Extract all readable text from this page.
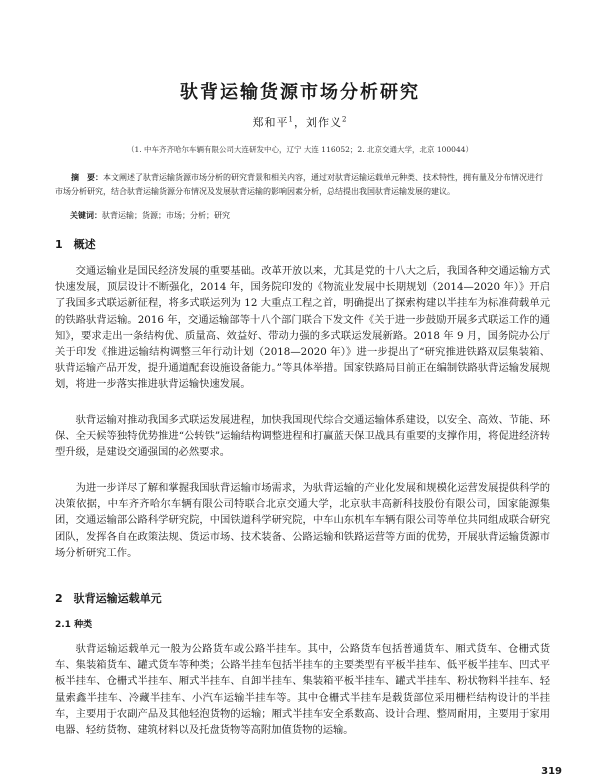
驮背运输货源市场分析研究
郑和平$^1$，刘作义$^2$
（1. 中车齐齐哈尔车辆有限公司大连研发中心，辽宁 大连 116052；2. 北京交通大学，北京 100044）

摘　要：本文阐述了驮背运输货源市场分析的研究背景和相关内容，通过对驮背运输运载单元种类、技术特性，拥有量及分布情况进行市场分析研究，结合驮背运输货源分布情况及发展驮背运输的影响因素分析，总结提出我国驮背运输发展的建议。

关键词：驮背运输；货源；市场；分析；研究

1　概述

交通运输业是国民经济发展的重要基础。改革开放以来，尤其是党的十八大之后，我国各种交通运输方式快速发展，顶层设计不断强化，2014 年，国务院印发的《物流业发展中长期规划（2014—2020 年）》开启了我国多式联运新征程，将多式联运列为 12 大重点工程之首，明确提出了探索构建以半挂车为标准荷载单元的铁路驮背运输。2016 年，交通运输部等十八个部门联合下发文件《关于进一步鼓励开展多式联运工作的通知》，要求走出一条结构优、质量高、效益好、带动力强的多式联运发展新路。2018 年 9 月，国务院办公厅关于印发《推进运输结构调整三年行动计划（2018—2020 年）》进一步提出了“研究推进铁路双层集装箱、驮背运输产品开发，提升通道配套设施设备能力。”等具体举措。国家铁路局目前正在编制铁路驮背运输发展规划，将进一步落实推进驮背运输快速发展。

驮背运输对推动我国多式联运发展进程，加快我国现代综合交通运输体系建设，以安全、高效、节能、环保、全天候等独特优势推进“公转铁”运输结构调整进程和打赢蓝天保卫战具有重要的支撑作用，将促进经济转型升级，是建设交通强国的必然要求。

为进一步详尽了解和掌握我国驮背运输市场需求，为驮背运输的产业化发展和规模化运营发展提供科学的决策依据，中车齐齐哈尔车辆有限公司特联合北京交通大学，北京驮丰高新科技股份有限公司，国家能源集团，交通运输部公路科学研究院，中国铁道科学研究院，中车山东机车车辆有限公司等单位共同组成联合研究团队，发挥各自在政策法规、货运市场、技术装备、公路运输和铁路运营等方面的优势，开展驮背运输货源市场分析研究工作。

2　驮背运输运载单元
2.1 种类

驮背运输运载单元一般为公路货车或公路半挂车。其中，公路货车包括普通货车、厢式货车、仓栅式货车、集装箱货车、罐式货车等种类；公路半挂车包括半挂车的主要类型有平板半挂车、低平板半挂车、凹式平板半挂车、仓栅式半挂车、厢式半挂车、自卸半挂车、集装箱平板半挂车、罐式半挂车、粉状物料半挂车、轻量索鑫半挂车、冷藏半挂车、小汽车运输半挂车等。其中仓栅式半挂车是载货部位采用栅栏结构设计的半挂车，主要用于农副产品及其他轻泡货物的运输；厢式半挂车安全系数高、设计合理、整周耐用，主要用于家用电器、轻纺货物、建筑材料以及托盘货物等高附加值货物的运输。

319
